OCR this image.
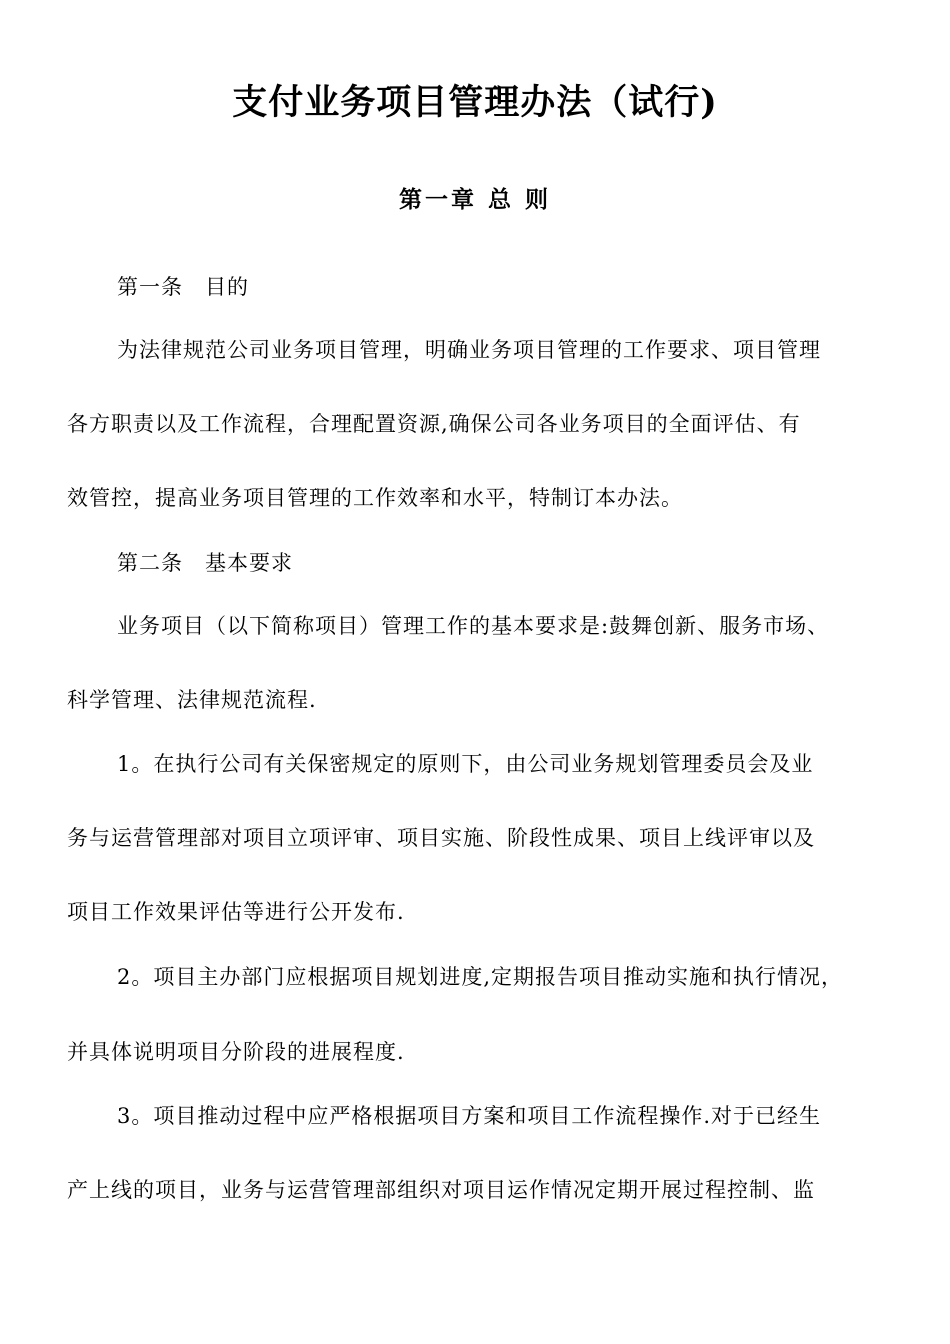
支付业务项目管理办法（试行)
第一章 总 则
第一条　目的
为法律规范公司业务项目管理，明确业务项目管理的工作要求、项目管理
各方职责以及工作流程，合理配置资源,确保公司各业务项目的全面评估、有
效管控，提高业务项目管理的工作效率和水平，特制订本办法。
第二条　基本要求
业务项目（以下简称项目）管理工作的基本要求是:鼓舞创新、服务市场、
科学管理、法律规范流程.
1。在执行公司有关保密规定的原则下，由公司业务规划管理委员会及业
务与运营管理部对项目立项评审、项目实施、阶段性成果、项目上线评审以及
项目工作效果评估等进行公开发布.
2。项目主办部门应根据项目规划进度,定期报告项目推动实施和执行情况，
并具体说明项目分阶段的进展程度.
3。项目推动过程中应严格根据项目方案和项目工作流程操作.对于已经生
产上线的项目，业务与运营管理部组织对项目运作情况定期开展过程控制、监
